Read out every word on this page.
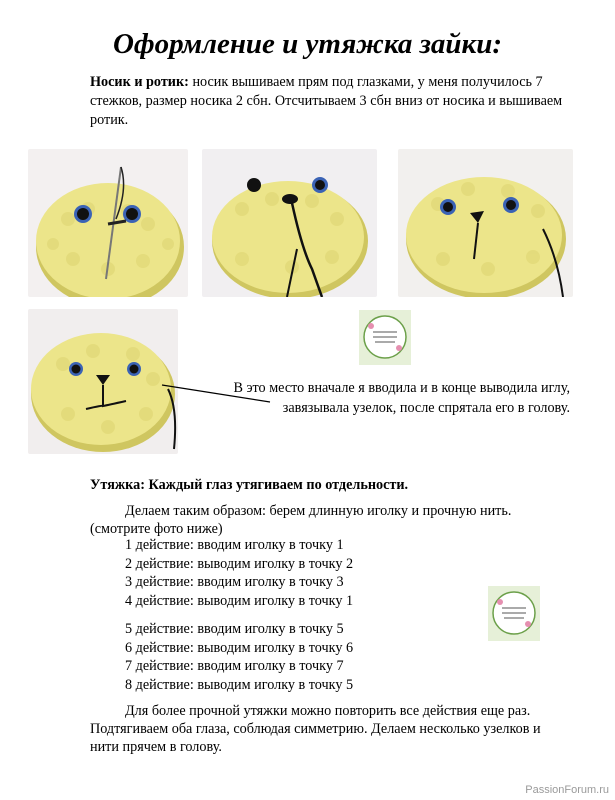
Оформление и утяжка зайки:
Носик и ротик: носик вышиваем прям под глазками, у меня получилось 7 стежков, размер носика 2 сбн. Отсчитываем 3 сбн вниз от носика и вышиваем ротик.
В это место вначале я вводила и в конце выводила иглу,
завязывала узелок, после спрятала его в голову.
Утяжка: Каждый глаз утягиваем по отдельности.
Делаем таким образом: берем длинную иголку и прочную нить.
(смотрите фото ниже)
1 действие: вводим иголку в точку 1
2 действие: выводим иголку в точку 2
3 действие: вводим иголку в точку 3
4 действие: выводим иголку в точку 1
5 действие: вводим иголку в точку 5
6 действие: выводим иголку в точку 6
7 действие: вводим иголку в точку 7
8 действие: выводим иголку в точку 5
Для более прочной утяжки можно повторить все действия еще раз. Подтягиваем оба глаза, соблюдая симметрию. Делаем несколько узелков и нити прячем в голову.
PassionForum.ru
